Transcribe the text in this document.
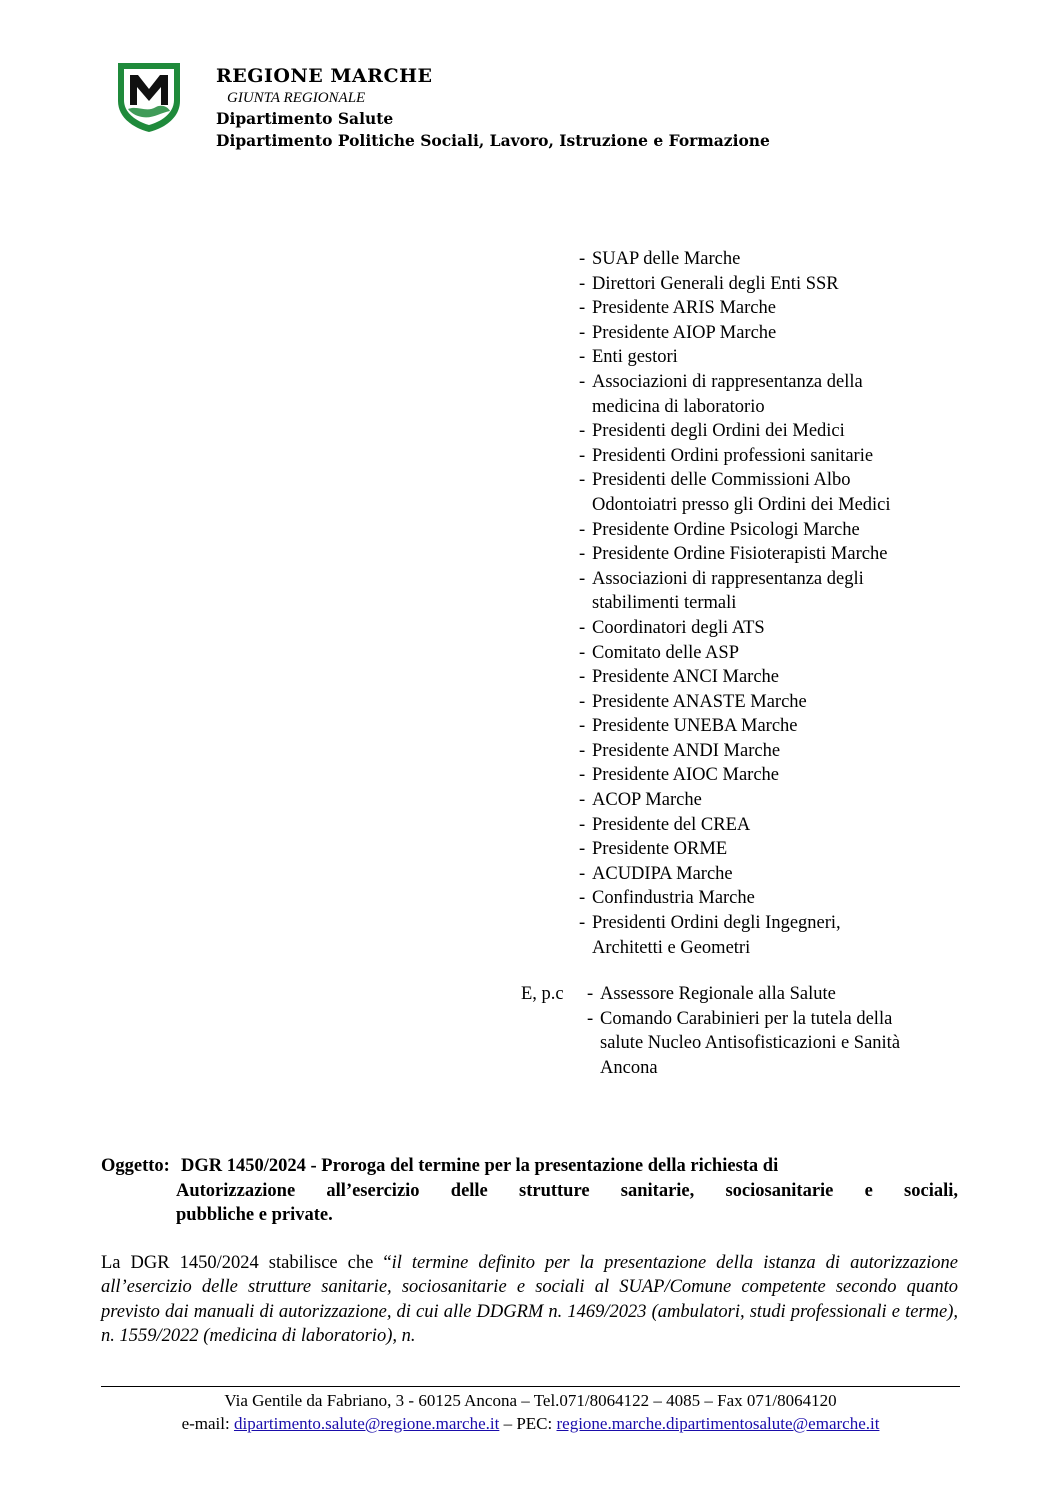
REGIONE MARCHE
GIUNTA REGIONALE
Dipartimento Salute
Dipartimento Politiche Sociali, Lavoro, Istruzione e Formazione
- SUAP delle Marche
- Direttori Generali degli Enti SSR
- Presidente ARIS Marche
- Presidente AIOP Marche
- Enti gestori
- Associazioni di rappresentanza della
medicina di laboratorio
- Presidenti degli Ordini dei Medici
- Presidenti Ordini professioni sanitarie
- Presidenti delle Commissioni Albo
Odontoiatri presso gli Ordini dei Medici
- Presidente Ordine Psicologi Marche
- Presidente Ordine Fisioterapisti Marche
- Associazioni di rappresentanza degli
stabilimenti termali
- Coordinatori degli ATS
- Comitato delle ASP
- Presidente ANCI Marche
- Presidente ANASTE Marche
- Presidente UNEBA Marche
- Presidente ANDI Marche
- Presidente AIOC Marche
- ACOP Marche
- Presidente del CREA
- Presidente ORME
- ACUDIPA Marche
- Confindustria Marche
- Presidenti Ordini degli Ingegneri,
Architetti e Geometri
E, p.c
-	Assessore Regionale alla Salute
- Comando Carabinieri per la tutela della
salute Nucleo Antisofisticazioni e Sanità
Ancona
Oggetto: DGR 1450/2024 - Proroga del termine per la presentazione della richiesta di
Autorizzazione all’esercizio delle strutture sanitarie, sociosanitarie e sociali,
pubbliche e private.
La DGR 1450/2024 stabilisce che “il termine definito per la presentazione della istanza di autorizzazione all’esercizio delle strutture sanitarie, sociosanitarie e sociali al SUAP/Comune competente secondo quanto previsto dai manuali di autorizzazione, di cui alle DDGRM n. 1469/2023 (ambulatori, studi professionali e terme), n. 1559/2022 (medicina di laboratorio), n.
Via Gentile da Fabriano, 3 - 60125 Ancona – Tel.071/8064122 – 4085 – Fax 071/8064120
e-mail: dipartimento.salute@regione.marche.it – PEC: regione.marche.dipartimentosalute@emarche.it
